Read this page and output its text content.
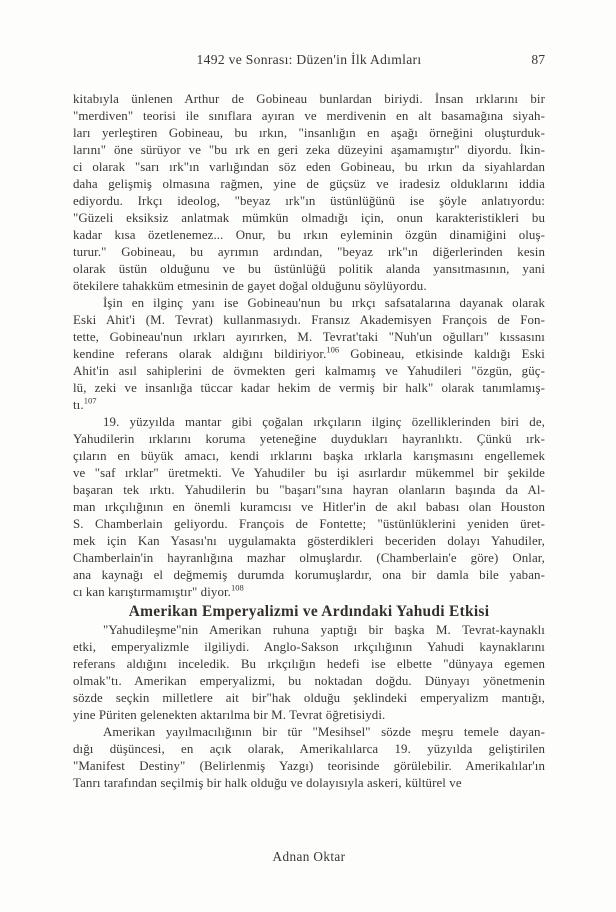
1492 ve Sonrası: Düzen'in İlk Adımları	87
kitabıyla ünlenen Arthur de Gobineau bunlardan biriydi. İnsan ırklarını bir
"merdiven" teorisi ile sınıflara ayıran ve merdivenin en alt basamağına siyah-
ları yerleştiren Gobineau, bu ırkın, "insanlığın en aşağı örneğini oluşturduk-
larını" öne sürüyor ve "bu ırk en geri zeka düzeyini aşamamıştır" diyordu. İkin-
ci olarak "sarı ırk"ın varlığından söz eden Gobineau, bu ırkın da siyahlardan
daha gelişmiş olmasına rağmen, yine de güçsüz ve iradesiz olduklarını iddia
ediyordu. Irkçı ideolog, "beyaz ırk"ın üstünlüğünü ise şöyle anlatıyordu:
"Güzeli eksiksiz anlatmak mümkün olmadığı için, onun karakteristikleri bu
kadar kısa özetlenemez... Onur, bu ırkın eyleminin özgün dinamiğini oluş-
turur." Gobineau, bu ayrımın ardından, "beyaz ırk"ın diğerlerinden kesin
olarak üstün olduğunu ve bu üstünlüğü politik alanda yansıtmasının, yani
ötekilere tahakküm etmesinin de gayet doğal olduğunu söylüyordu.
İşin en ilginç yanı ise Gobineau'nun bu ırkçı safsatalarına dayanak olarak
Eski Ahit'i (M. Tevrat) kullanmasıydı. Fransız Akademisyen François de Fon-
tette, Gobineau'nun ırkları ayırırken, M. Tevrat'taki "Nuh'un oğulları" kıssasını
kendine referans olarak aldığını bildiriyor.$^{106}$ Gobineau, etkisinde kaldığı Eski
Ahit'in asıl sahiplerini de övmekten geri kalmamış ve Yahudileri "özgün, güç-
lü, zeki ve insanlığa tüccar kadar hekim de vermiş bir halk" olarak tanımlamış-
tı.$^{107}$
19. yüzyılda mantar gibi çoğalan ırkçıların ilginç özelliklerinden biri de,
Yahudilerin ırklarını koruma yeteneğine duydukları hayranlıktı. Çünkü ırk-
çıların en büyük amacı, kendi ırklarını başka ırklarla karışmasını engellemek
ve "saf ırklar" üretmekti. Ve Yahudiler bu işi asırlardır mükemmel bir şekilde
başaran tek ırktı. Yahudilerin bu "başarı"sına hayran olanların başında da Al-
man ırkçılığının en önemli kuramcısı ve Hitler'in de akıl babası olan Houston
S. Chamberlain geliyordu. François de Fontette; "üstünlüklerini yeniden üret-
mek için Kan Yasası'nı uygulamakta gösterdikleri beceriden dolayı Yahudiler,
Chamberlain'in hayranlığına mazhar olmuşlardır. (Chamberlain'e göre) Onlar,
ana kaynağı el değmemiş durumda korumuşlardır, ona bir damla bile yaban-
cı kan karıştırmamıştır" diyor.$^{108}$
Amerikan Emperyalizmi ve Ardındaki Yahudi Etkisi
"Yahudileşme"nin Amerikan ruhuna yaptığı bir başka M. Tevrat-kaynaklı
etki, emperyalizmle ilgiliydi. Anglo-Sakson ırkçılığının Yahudi kaynaklarını
referans aldığını inceledik. Bu ırkçılığın hedefi ise elbette "dünyaya egemen
olmak"tı. Amerikan emperyalizmi, bu noktadan doğdu. Dünyayı yönetmenin
sözde seçkin milletlere ait bir"hak olduğu şeklindeki emperyalizm mantığı,
yine Püriten gelenekten aktarılma bir M. Tevrat öğretisiydi.
Amerikan yayılmacılığının bir tür "Mesihsel" sözde meşru temele dayan-
dığı düşüncesi, en açık olarak, Amerikalılarca 19. yüzyılda geliştirilen
"Manifest Destiny" (Belirlenmiş Yazgı) teorisinde görülebilir. Amerikalılar'ın
Tanrı tarafından seçilmiş bir halk olduğu ve dolayısıyla askeri, kültürel ve
Adnan Oktar
